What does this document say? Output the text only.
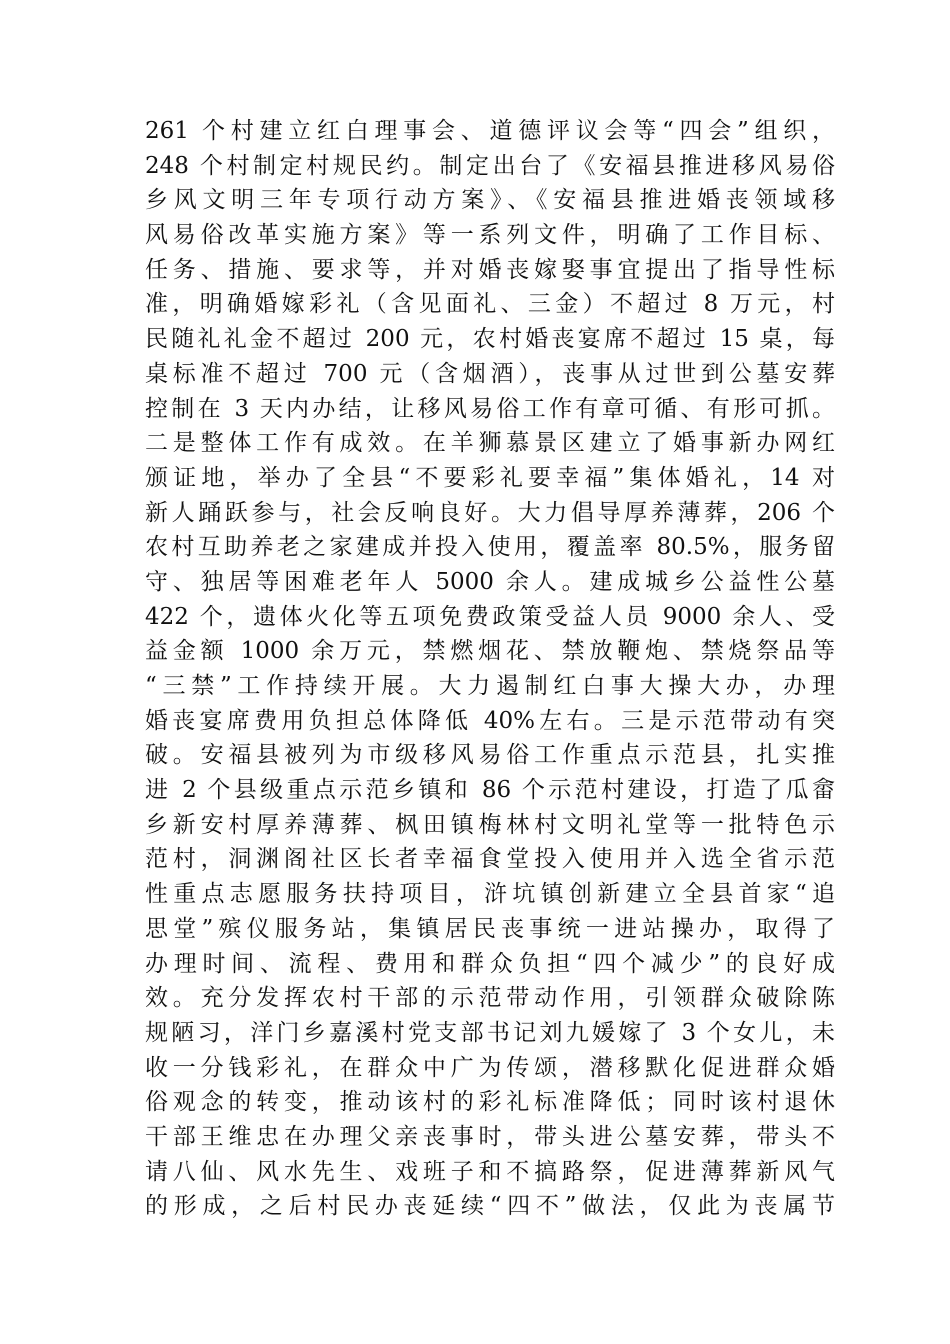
261 个村建立红白理事会、道德评议会等“四会”组织，
248 个村制定村规民约。制定出台了《安福县推进移风易俗
乡风文明三年专项行动方案》、《安福县推进婚丧领域移
风易俗改革实施方案》等一系列文件，明确了工作目标、
任务、措施、要求等，并对婚丧嫁娶事宜提出了指导性标
准，明确婚嫁彩礼（含见面礼、三金）不超过 8 万元，村
民随礼礼金不超过 200 元，农村婚丧宴席不超过 15 桌，每
桌标准不超过 700 元（含烟酒），丧事从过世到公墓安葬
控制在 3 天内办结，让移风易俗工作有章可循、有形可抓。
二是整体工作有成效。在羊狮慕景区建立了婚事新办网红
颁证地，举办了全县“不要彩礼要幸福”集体婚礼，14 对
新人踊跃参与，社会反响良好。大力倡导厚养薄葬，206 个
农村互助养老之家建成并投入使用，覆盖率 80.5%，服务留
守、独居等困难老年人 5000 余人。建成城乡公益性公墓
422 个，遗体火化等五项免费政策受益人员 9000 余人、受
益金额 1000 余万元，禁燃烟花、禁放鞭炮、禁烧祭品等
“三禁”工作持续开展。大力遏制红白事大操大办，办理
婚丧宴席费用负担总体降低 40%左右。三是示范带动有突
破。安福县被列为市级移风易俗工作重点示范县，扎实推
进 2 个县级重点示范乡镇和 86 个示范村建设，打造了瓜畲
乡新安村厚养薄葬、枫田镇梅林村文明礼堂等一批特色示
范村，洞渊阁社区长者幸福食堂投入使用并入选全省示范
性重点志愿服务扶持项目，浒坑镇创新建立全县首家“追
思堂”殡仪服务站，集镇居民丧事统一进站操办，取得了
办理时间、流程、费用和群众负担“四个减少”的良好成
效。充分发挥农村干部的示范带动作用，引领群众破除陈
规陋习，洋门乡嘉溪村党支部书记刘九媛嫁了 3 个女儿，未
收一分钱彩礼，在群众中广为传颂，潜移默化促进群众婚
俗观念的转变，推动该村的彩礼标准降低；同时该村退休
干部王维忠在办理父亲丧事时，带头进公墓安葬，带头不
请八仙、风水先生、戏班子和不搞路祭，促进薄葬新风气
的形成，之后村民办丧延续“四不”做法，仅此为丧属节
